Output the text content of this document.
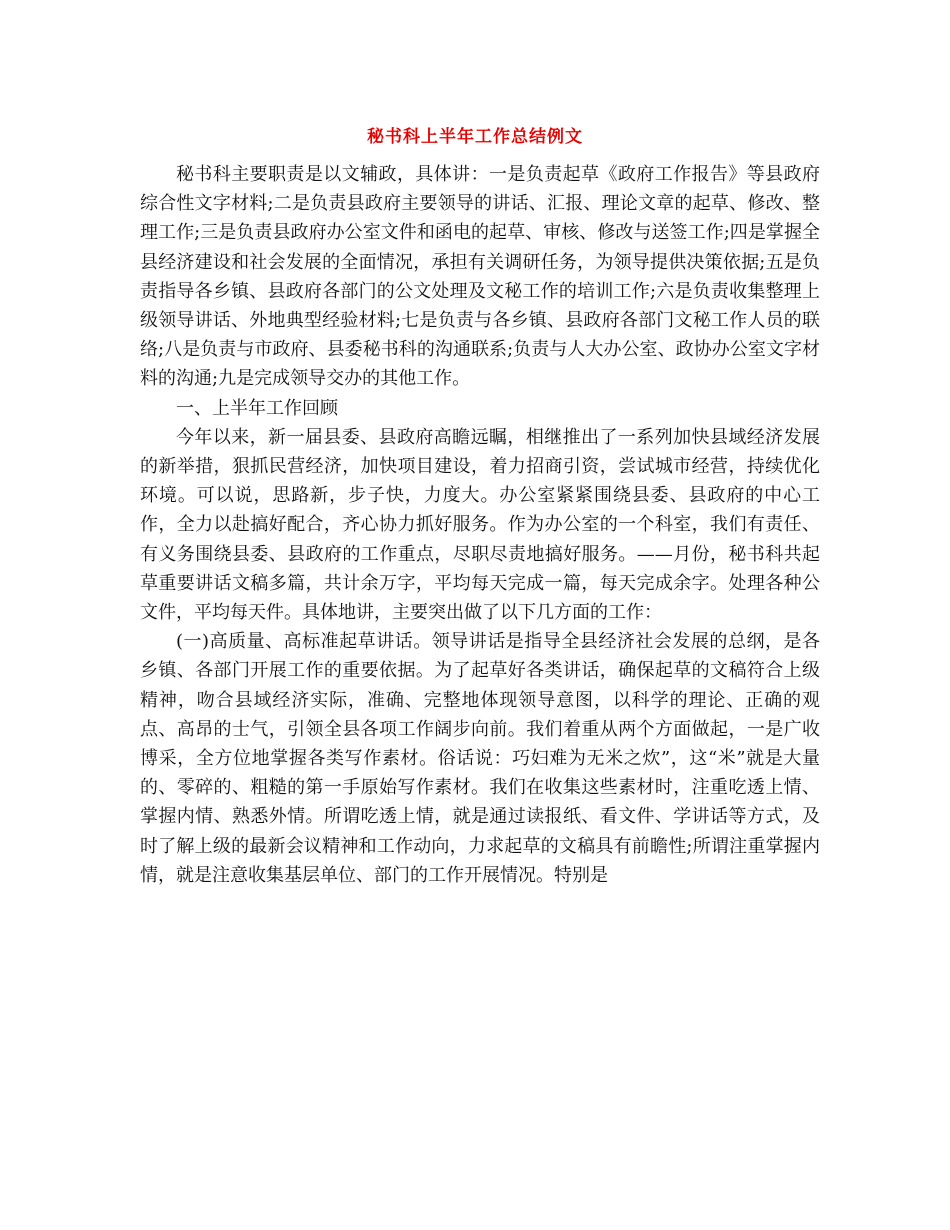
秘书科上半年工作总结例文

秘书科主要职责是以文辅政，具体讲：一是负责起草《政府工作报告》等县政府综合性文字材料;二是负责县政府主要领导的讲话、汇报、理论文章的起草、修改、整理工作;三是负责县政府办公室文件和函电的起草、审核、修改与送签工作;四是掌握全县经济建设和社会发展的全面情况，承担有关调研任务，为领导提供决策依据;五是负责指导各乡镇、县政府各部门的公文处理及文秘工作的培训工作;六是负责收集整理上级领导讲话、外地典型经验材料;七是负责与各乡镇、县政府各部门文秘工作人员的联络;八是负责与市政府、县委秘书科的沟通联系;负责与人大办公室、政协办公室文字材料的沟通;九是完成领导交办的其他工作。

一、上半年工作回顾

今年以来，新一届县委、县政府高瞻远瞩，相继推出了一系列加快县域经济发展的新举措，狠抓民营经济，加快项目建设，着力招商引资，尝试城市经营，持续优化环境。可以说，思路新，步子快，力度大。办公室紧紧围绕县委、县政府的中心工作，全力以赴搞好配合，齐心协力抓好服务。作为办公室的一个科室，我们有责任、有义务围绕县委、县政府的工作重点，尽职尽责地搞好服务。——月份，秘书科共起草重要讲话文稿多篇，共计余万字，平均每天完成一篇，每天完成余字。处理各种公文件，平均每天件。具体地讲，主要突出做了以下几方面的工作：

(一)高质量、高标准起草讲话。领导讲话是指导全县经济社会发展的总纲，是各乡镇、各部门开展工作的重要依据。为了起草好各类讲话，确保起草的文稿符合上级精神，吻合县域经济实际，准确、完整地体现领导意图，以科学的理论、正确的观点、高昂的士气，引领全县各项工作阔步向前。我们着重从两个方面做起，一是广收博采，全方位地掌握各类写作素材。俗话说：巧妇难为无米之炊”，这“米”就是大量的、零碎的、粗糙的第一手原始写作素材。我们在收集这些素材时，注重吃透上情、掌握内情、熟悉外情。所谓吃透上情，就是通过读报纸、看文件、学讲话等方式，及时了解上级的最新会议精神和工作动向，力求起草的文稿具有前瞻性;所谓注重掌握内情，就是注意收集基层单位、部门的工作开展情况。特别是
